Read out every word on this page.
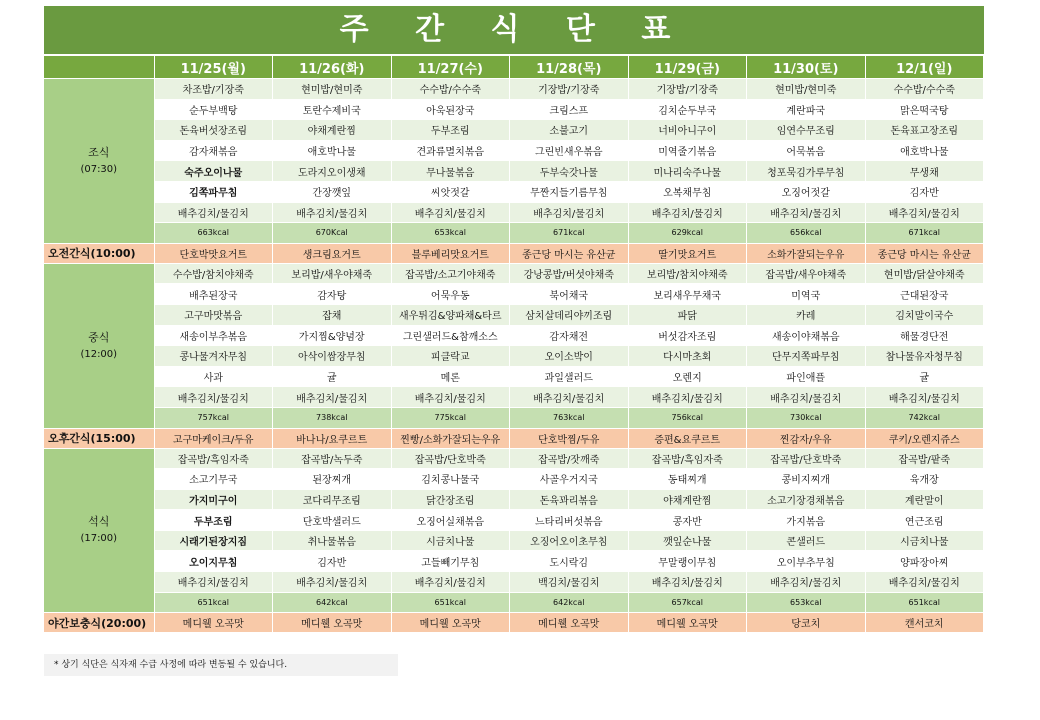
주 간 식 단 표
	11/25(월)	11/26(화)	11/27(수)	11/28(목)	11/29(금)	11/30(토)	12/1(일)

조식
(07:30)	차조밥/기장죽	현미밥/현미죽	수수밥/수수죽	기장밥/기장죽	기장밥/기장죽	현미밥/현미죽	수수밥/수수죽
	순두부백탕	토란수제비국	아욱된장국	크림스프	김치순두부국	계란파국	맑은떡국탕
	돈육버섯장조림	야채계란찜	두부조림	소불고기	너비아니구이	임연수무조림	돈육표고장조림
	감자채볶음	애호박나물	견과류멸치볶음	그린빈새우볶음	미역줄기볶음	어묵볶음	애호박나물
	숙주오이나물	도라지오이생채	무나물볶음	두부숙갓나물	미나리숙주나물	청포묵김가루무침	무생채
	김쪽파무침	간장깻잎	씨앗젓갈	무짠지들기름무침	오복채무침	오징어젓갈	김자반
	배추김치/물김치	배추김치/물김치	배추김치/물김치	배추김치/물김치	배추김치/물김치	배추김치/물김치	배추김치/물김치
	663kcal	670Kcal	653kcal	671kcal	629kcal	656kcal	671kcal
오전간식(10:00)	단호박맛요거트	생크림요거트	블루베리맛요거트	종근당 마시는 유산균	딸기맛요거트	소화가잘되는우유	종근당 마시는 유산균

중식
(12:00)	수수밥/참치야채죽	보리밥/새우야채죽	잡곡밥/소고기야채죽	강낭콩밥/버섯야채죽	보리밥/참치야채죽	잡곡밥/새우야채죽	현미밥/닭살야채죽
	배추된장국	감자탕	어묵우동	북어채국	보리새우무채국	미역국	근대된장국
	고구마맛볶음	잡채	새우튀김&양파채&타르	삼치살데리야끼조림	파닭	카레	김치말이국수
	새송이부추볶음	가지찜&양념장	그린샐러드&참깨소스	감자채전	버섯감자조림	새송이야채볶음	해물경단전
	콩나물겨자무침	아삭이쌈장무침	피클락교	오이소박이	다시마초회	단무지쪽파무침	참나물유자청무침
	사과	귤	메론	과일샐러드	오렌지	파인애플	귤
	배추김치/물김치	배추김치/물김치	배추김치/물김치	배추김치/물김치	배추김치/물김치	배추김치/물김치	배추김치/물김치
	757kcal	738kcal	775kcal	763kcal	756kcal	730kcal	742kcal
오후간식(15:00)	고구마케이크/두유	바나나/요쿠르트	찐빵/소화가잘되는우유	단호박찜/두유	증편&요쿠르트	찐감자/우유	쿠키/오렌지쥬스

석식
(17:00)	잡곡밥/흑임자죽	잡곡밥/녹두죽	잡곡밥/단호박죽	잡곡밥/잣깨죽	잡곡밥/흑임자죽	잡곡밥/단호박죽	잡곡밥/팥죽
	소고기무국	된장찌개	김치콩나물국	사골우거지국	동태찌개	콩비지찌개	육개장
	가지미구이	코다리무조림	닭간장조림	돈육꽈리볶음	야채계란찜	소고기장경채볶음	계란말이
	두부조림	단호박샐러드	오징어실채볶음	느타리버섯볶음	콩자반	가지볶음	연근조림
	시래기된장지짐	취나물볶음	시금치나물	오징어오이초무침	깻잎순나물	콘샐러드	시금치나물
	오이지무침	김자반	고들빼기무침	도시락김	무말랭이무침	오이부추무침	양파장아찌
	배추김치/물김치	배추김치/물김치	배추김치/물김치	백김치/물김치	배추김치/물김치	배추김치/물김치	배추김치/물김치
	651kcal	642kcal	651kcal	642kcal	657kcal	653kcal	651kcal
야간보충식(20:00)	메디웰 오곡맛	메디웰 오곡맛	메디웰 오곡맛	메디웰 오곡맛	메디웰 오곡맛	당코치	캔서코치
* 상기 식단은 식자재 수급 사정에 따라 변동될 수 있습니다.
